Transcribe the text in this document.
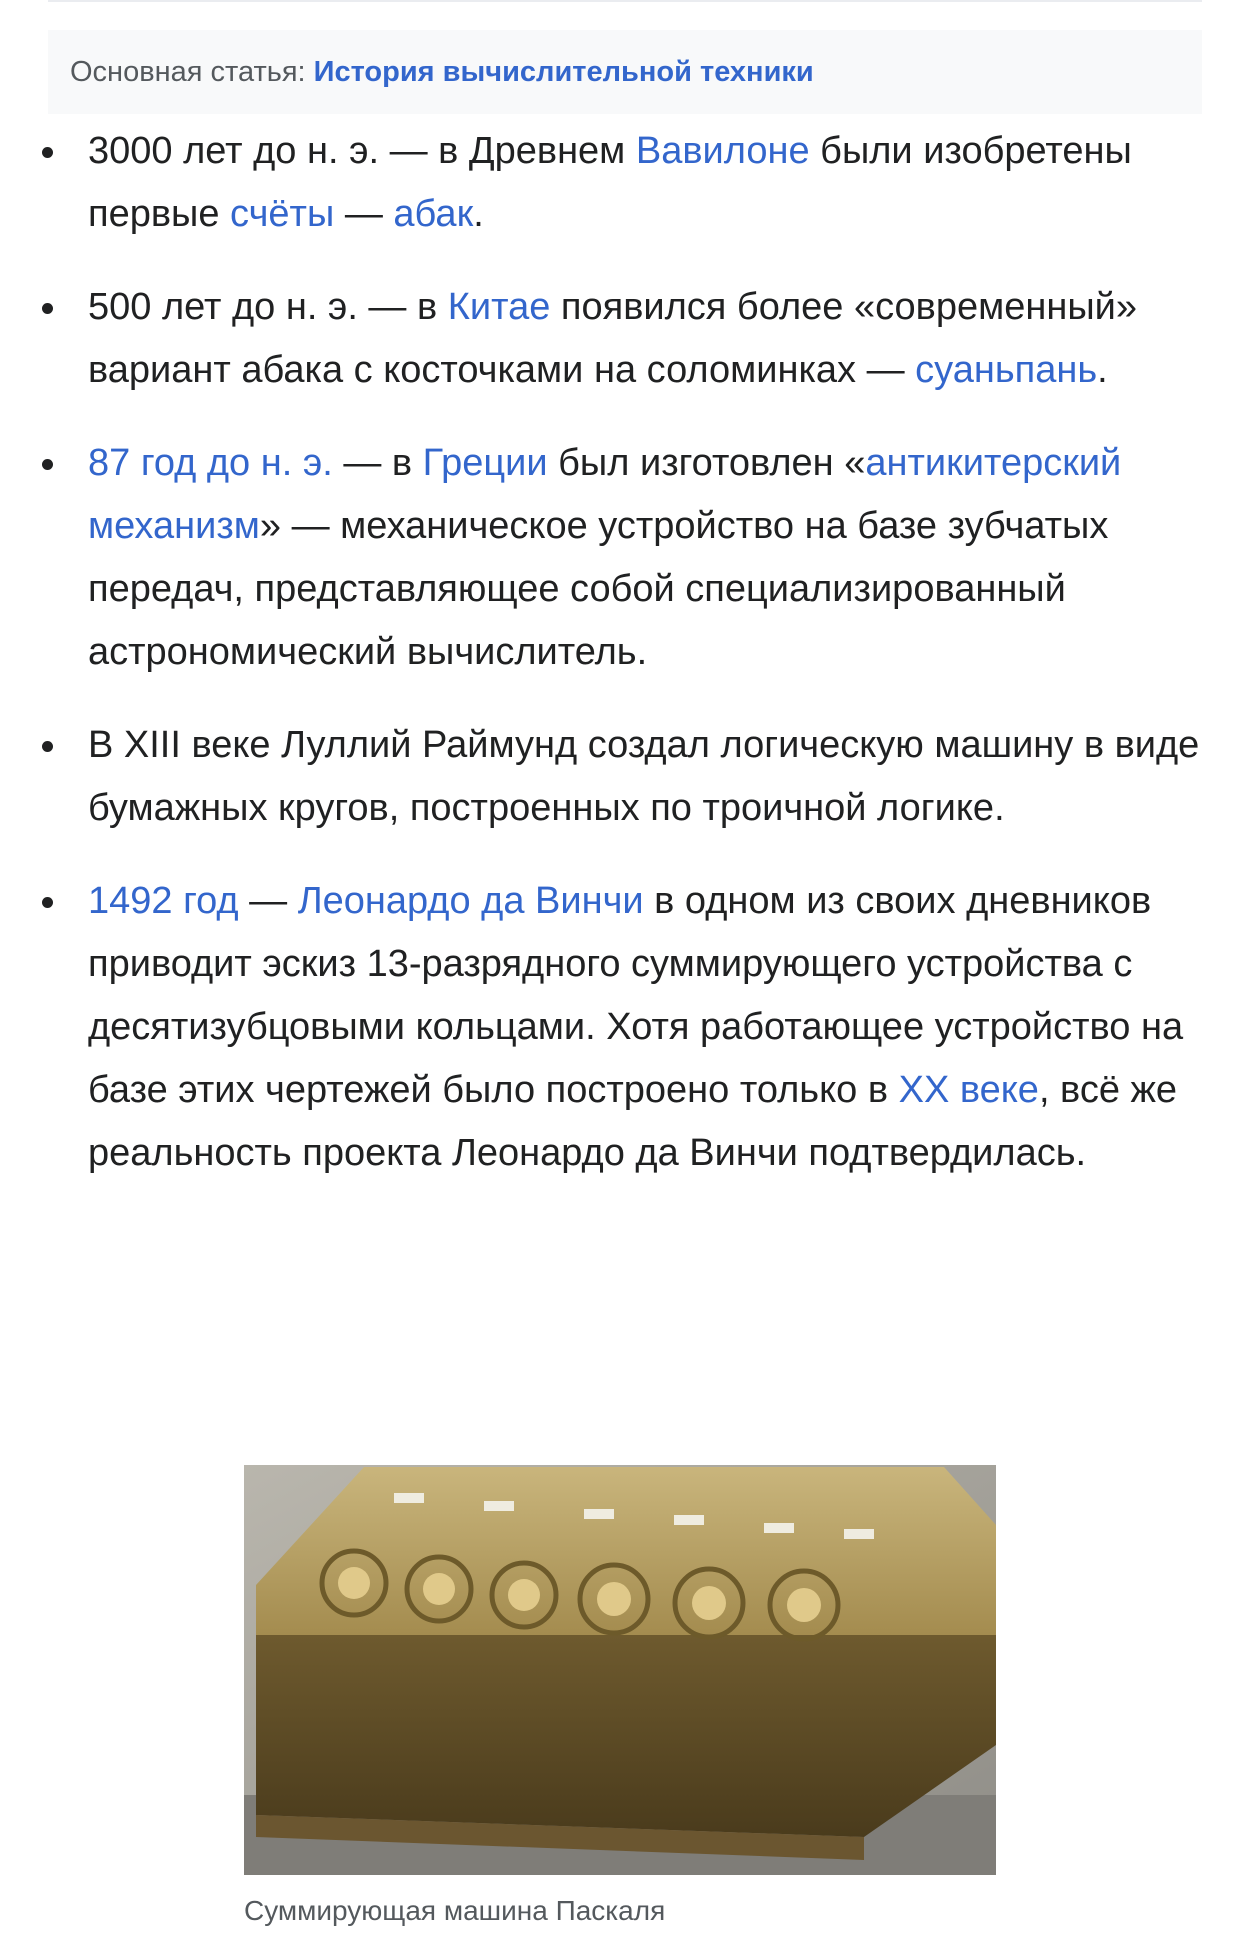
Основная статья: История вычислительной техники
3000 лет до н. э. — в Древнем Вавилоне были изобретены первые счёты — абак.
500 лет до н. э. — в Китае появился более «современный» вариант абака с косточками на соломинках — суаньпань.
87 год до н. э. — в Греции был изготовлен «антикитерский механизм» — механическое устройство на базе зубчатых передач, представляющее собой специализированный астрономический вычислитель.
В XIII веке Луллий Раймунд создал логическую машину в виде бумажных кругов, построенных по троичной логике.
1492 год — Леонардо да Винчи в одном из своих дневников приводит эскиз 13-разрядного суммирующего устройства с десятизубцовыми кольцами. Хотя работающее устройство на базе этих чертежей было построено только в XX веке, всё же реальность проекта Леонардо да Винчи подтвердилась.
Суммирующая машина Паскаля
